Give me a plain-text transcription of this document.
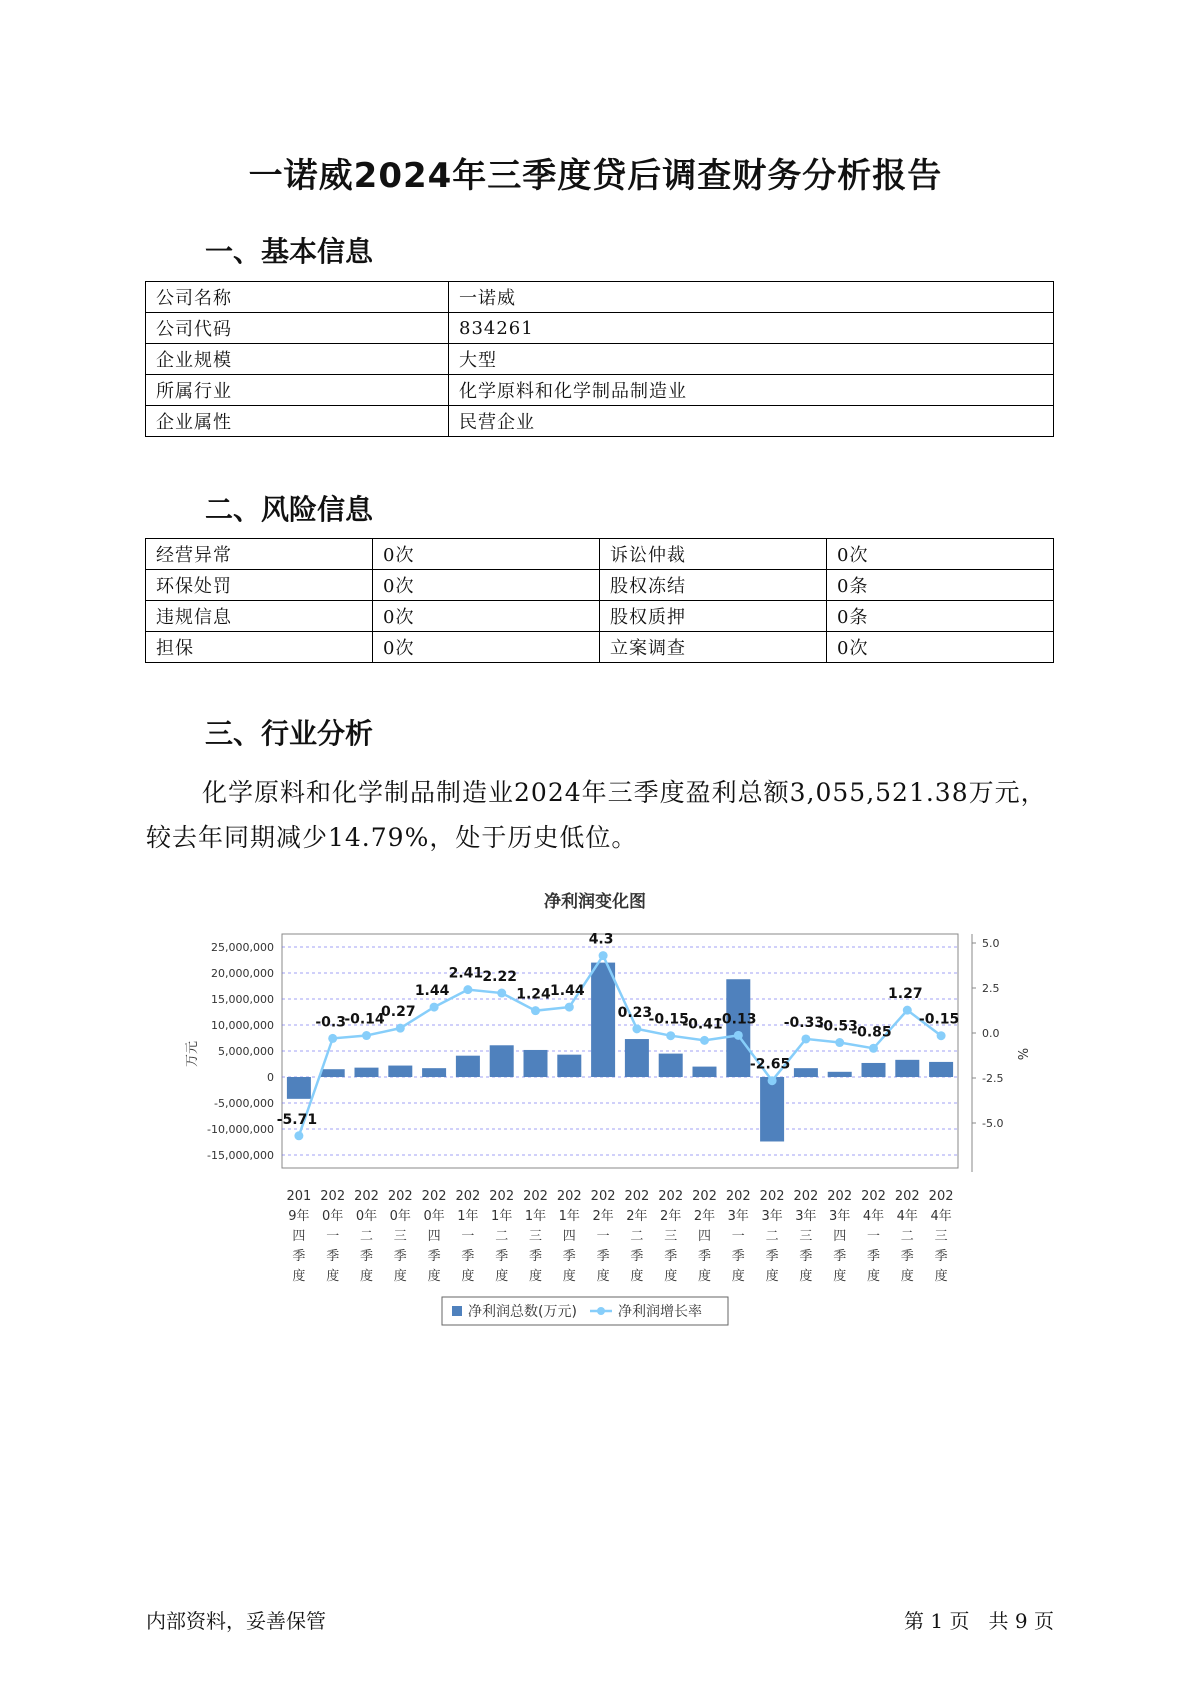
一诺威2024年三季度贷后调查财务分析报告
一、基本信息
公司名称	一诺威
公司代码	834261
企业规模	大型
所属行业	化学原料和化学制品制造业
企业属性	民营企业
二、风险信息
经营异常	0次	诉讼仲裁	0次
环保处罚	0次	股权冻结	0条
违规信息	0次	股权质押	0条
担保	0次	立案调查	0次
三、行业分析
化学原料和化学制品制造业2024年三季度盈利总额3,055,521.38万元，较去年同期减少14.79%，处于历史低位。
净利润变化图
25,000,000
20,000,000
15,000,000
10,000,000
5,000,000
0
-5,000,000
-10,000,000
-15,000,000
5.0
2.5
0.0
-2.5
-5.0
万元	%
-5.71
-0.3
-0.14
0.27
1.44
2.41 2.22
1.24 1.44
4.3
0.23
-0.15
-0.41
-0.13
-2.65
-0.33
-0.53
-0.85
1.27
-0.15
201
9年
四
季
度
202
0年
一
季
度
202
0年
二
季
度
202
0年
三
季
度
202
0年
四
季
度
202
1年
一
季
度
202
1年
二
季
度
202
1年
三
季
度
202
1年
四
季
度
202
2年
一
季
度
202
2年
二
季
度
202
2年
三
季
度
202
2年
四
季
度
202
3年
一
季
度
202
3年
二
季
度
202
3年
三
季
度
202
3年
四
季
度
202
4年
一
季
度
202
4年
二
季
度
202
4年
三
季
度
净利润总数(万元)	净利润增长率
内部资料，妥善保管	第 1 页   共 9 页
